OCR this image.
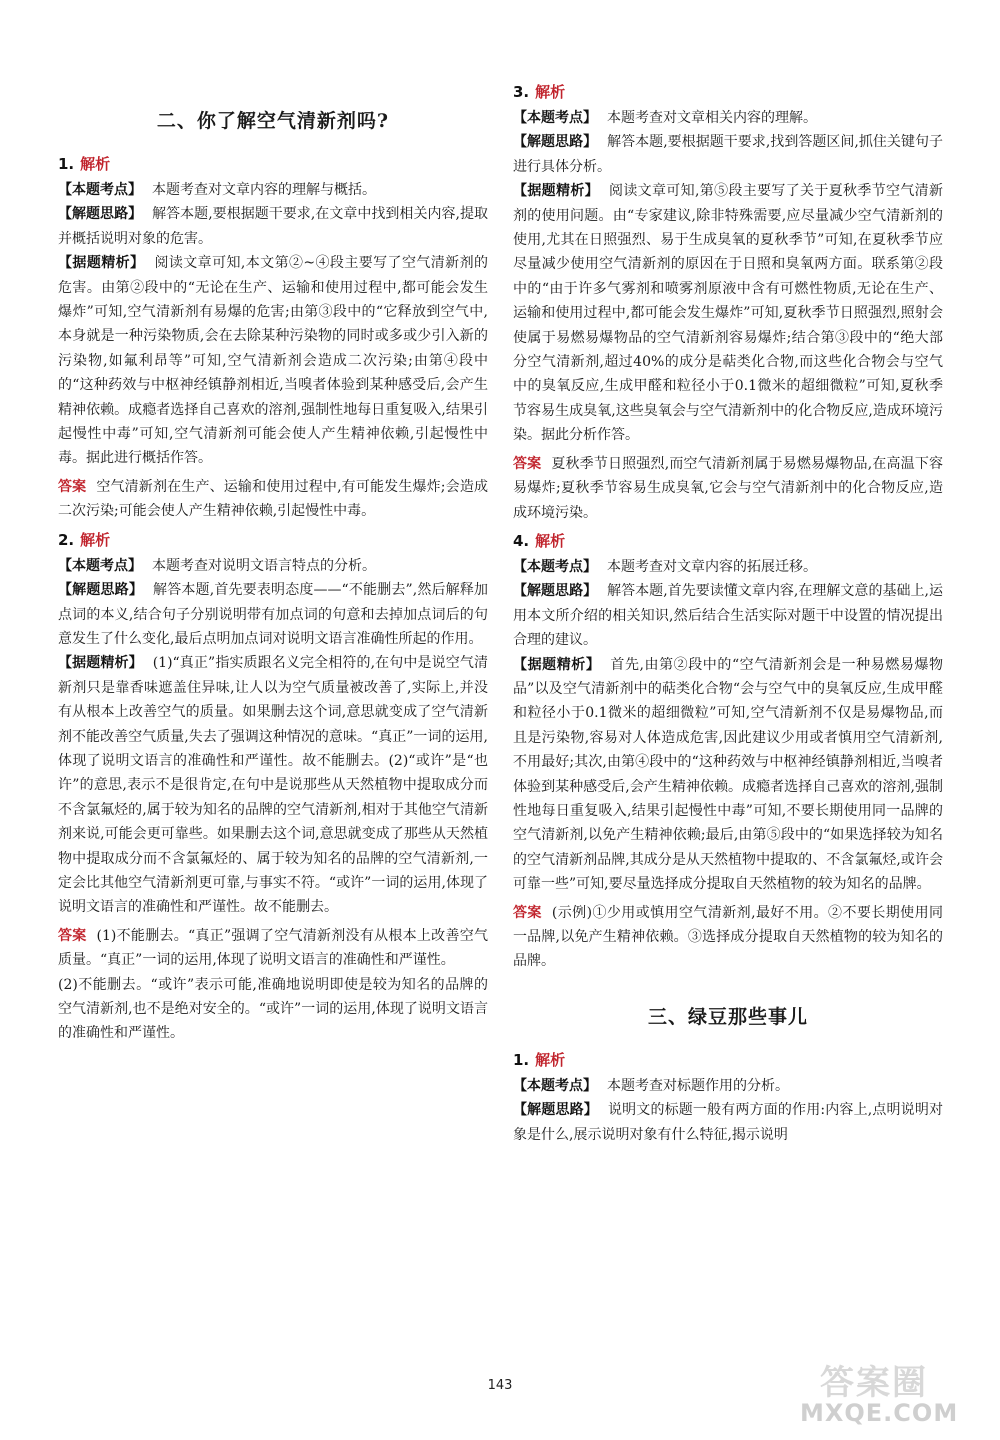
二、你了解空气清新剂吗?
1. 解析

【本题考点】 本题考查对文章内容的理解与概括。

【解题思路】 解答本题,要根据题干要求,在文章中找到相关内容,提取并概括说明对象的危害。

【据题精析】 阅读文章可知,本文第②~④段主要写了空气清新剂的危害。由第②段中的“无论在生产、运输和使用过程中,都可能会发生爆炸”可知,空气清新剂有易爆的危害;由第③段中的“它释放到空气中,本身就是一种污染物质,会在去除某种污染物的同时或多或少引入新的污染物,如氟利昂等”可知,空气清新剂会造成二次污染;由第④段中的“这种药效与中枢神经镇静剂相近,当嗅者体验到某种感受后,会产生精神依赖。成瘾者选择自己喜欢的溶剂,强制性地每日重复吸入,结果引起慢性中毒”可知,空气清新剂可能会使人产生精神依赖,引起慢性中毒。据此进行概括作答。

答案 空气清新剂在生产、运输和使用过程中,有可能发生爆炸;会造成二次污染;可能会使人产生精神依赖,引起慢性中毒。

2. 解析

【本题考点】 本题考查对说明文语言特点的分析。

【解题思路】 解答本题,首先要表明态度——“不能删去”,然后解释加点词的本义,结合句子分别说明带有加点词的句意和去掉加点词后的句意发生了什么变化,最后点明加点词对说明文语言准确性所起的作用。

【据题精析】 (1)“真正”指实质跟名义完全相符的,在句中是说空气清新剂只是靠香味遮盖住异味,让人以为空气质量被改善了,实际上,并没有从根本上改善空气的质量。如果删去这个词,意思就变成了空气清新剂不能改善空气质量,失去了强调这种情况的意味。“真正”一词的运用,体现了说明文语言的准确性和严谨性。故不能删去。(2)“或许”是“也许”的意思,表示不是很肯定,在句中是说那些从天然植物中提取成分而不含氯氟烃的,属于较为知名的品牌的空气清新剂,相对于其他空气清新剂来说,可能会更可靠些。如果删去这个词,意思就变成了那些从天然植物中提取成分而不含氯氟烃的、属于较为知名的品牌的空气清新剂,一定会比其他空气清新剂更可靠,与事实不符。“或许”一词的运用,体现了说明文语言的准确性和严谨性。故不能删去。

答案 (1)不能删去。“真正”强调了空气清新剂没有从根本上改善空气质量。“真正”一词的运用,体现了说明文语言的准确性和严谨性。

(2)不能删去。“或许”表示可能,准确地说明即使是较为知名的品牌的空气清新剂,也不是绝对安全的。“或许”一词的运用,体现了说明文语言的准确性和严谨性。

3. 解析

【本题考点】 本题考查对文章相关内容的理解。

【解题思路】 解答本题,要根据题干要求,找到答题区间,抓住关键句子进行具体分析。

【据题精析】 阅读文章可知,第⑤段主要写了关于夏秋季节空气清新剂的使用问题。由“专家建议,除非特殊需要,应尽量减少空气清新剂的使用,尤其在日照强烈、易于生成臭氧的夏秋季节”可知,在夏秋季节应尽量减少使用空气清新剂的原因在于日照和臭氧两方面。联系第②段中的“由于许多气雾剂和喷雾剂原液中含有可燃性物质,无论在生产、运输和使用过程中,都可能会发生爆炸”可知,夏秋季节日照强烈,照射会使属于易燃易爆物品的空气清新剂容易爆炸;结合第③段中的“绝大部分空气清新剂,超过40%的成分是萜类化合物,而这些化合物会与空气中的臭氧反应,生成甲醛和粒径小于0.1微米的超细微粒”可知,夏秋季节容易生成臭氧,这些臭氧会与空气清新剂中的化合物反应,造成环境污染。据此分析作答。

答案 夏秋季节日照强烈,而空气清新剂属于易燃易爆物品,在高温下容易爆炸;夏秋季节容易生成臭氧,它会与空气清新剂中的化合物反应,造成环境污染。

4. 解析

【本题考点】 本题考查对文章内容的拓展迁移。

【解题思路】 解答本题,首先要读懂文章内容,在理解文意的基础上,运用本文所介绍的相关知识,然后结合生活实际对题干中设置的情况提出合理的建议。

【据题精析】 首先,由第②段中的“空气清新剂会是一种易燃易爆物品”以及空气清新剂中的萜类化合物“会与空气中的臭氧反应,生成甲醛和粒径小于0.1微米的超细微粒”可知,空气清新剂不仅是易爆物品,而且是污染物,容易对人体造成危害,因此建议少用或者慎用空气清新剂,不用最好;其次,由第④段中的“这种药效与中枢神经镇静剂相近,当嗅者体验到某种感受后,会产生精神依赖。成瘾者选择自己喜欢的溶剂,强制性地每日重复吸入,结果引起慢性中毒”可知,不要长期使用同一品牌的空气清新剂,以免产生精神依赖;最后,由第⑤段中的“如果选择较为知名的空气清新剂品牌,其成分是从天然植物中提取的、不含氯氟烃,或许会可靠一些”可知,要尽量选择成分提取自天然植物的较为知名的品牌。

答案 (示例)①少用或慎用空气清新剂,最好不用。②不要长期使用同一品牌,以免产生精神依赖。③选择成分提取自天然植物的较为知名的品牌。

三、绿豆那些事儿
1. 解析

【本题考点】 本题考查对标题作用的分析。

【解题思路】 说明文的标题一般有两方面的作用:内容上,点明说明对象是什么,展示说明对象有什么特征,揭示说明

143	答案圈
MXQE.COM
